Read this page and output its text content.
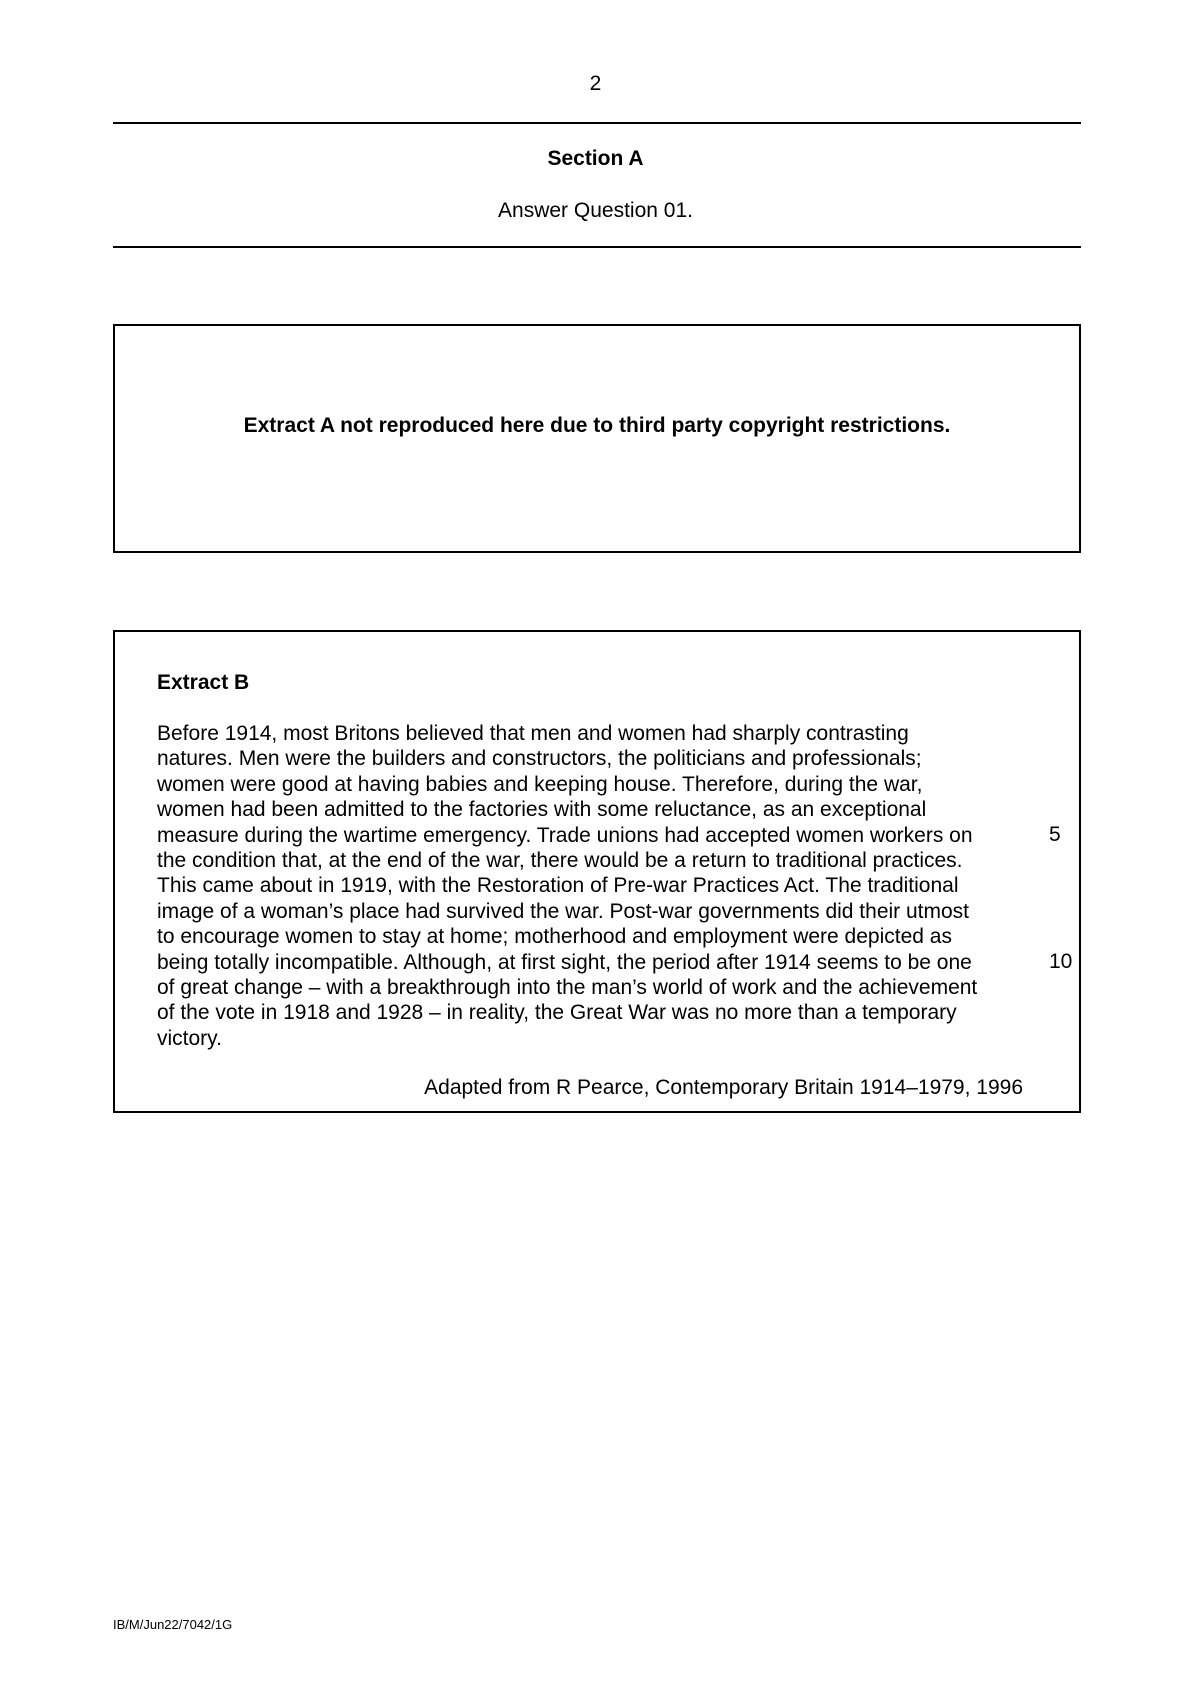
2
Section A
Answer Question 01.
Extract A not reproduced here due to third party copyright restrictions.
Extract B
Before 1914, most Britons believed that men and women had sharply contrasting
natures. Men were the builders and constructors, the politicians and professionals;
women were good at having babies and keeping house. Therefore, during the war,
women had been admitted to the factories with some reluctance, as an exceptional
measure during the wartime emergency. Trade unions had accepted women workers on
the condition that, at the end of the war, there would be a return to traditional practices.
This came about in 1919, with the Restoration of Pre-war Practices Act. The traditional
image of a woman’s place had survived the war. Post-war governments did their utmost
to encourage women to stay at home; motherhood and employment were depicted as
being totally incompatible. Although, at first sight, the period after 1914 seems to be one
of great change – with a breakthrough into the man’s world of work and the achievement
of the vote in 1918 and 1928 – in reality, the Great War was no more than a temporary
victory.
5
10
Adapted from R Pearce, Contemporary Britain 1914–1979, 1996
IB/M/Jun22/7042/1G
